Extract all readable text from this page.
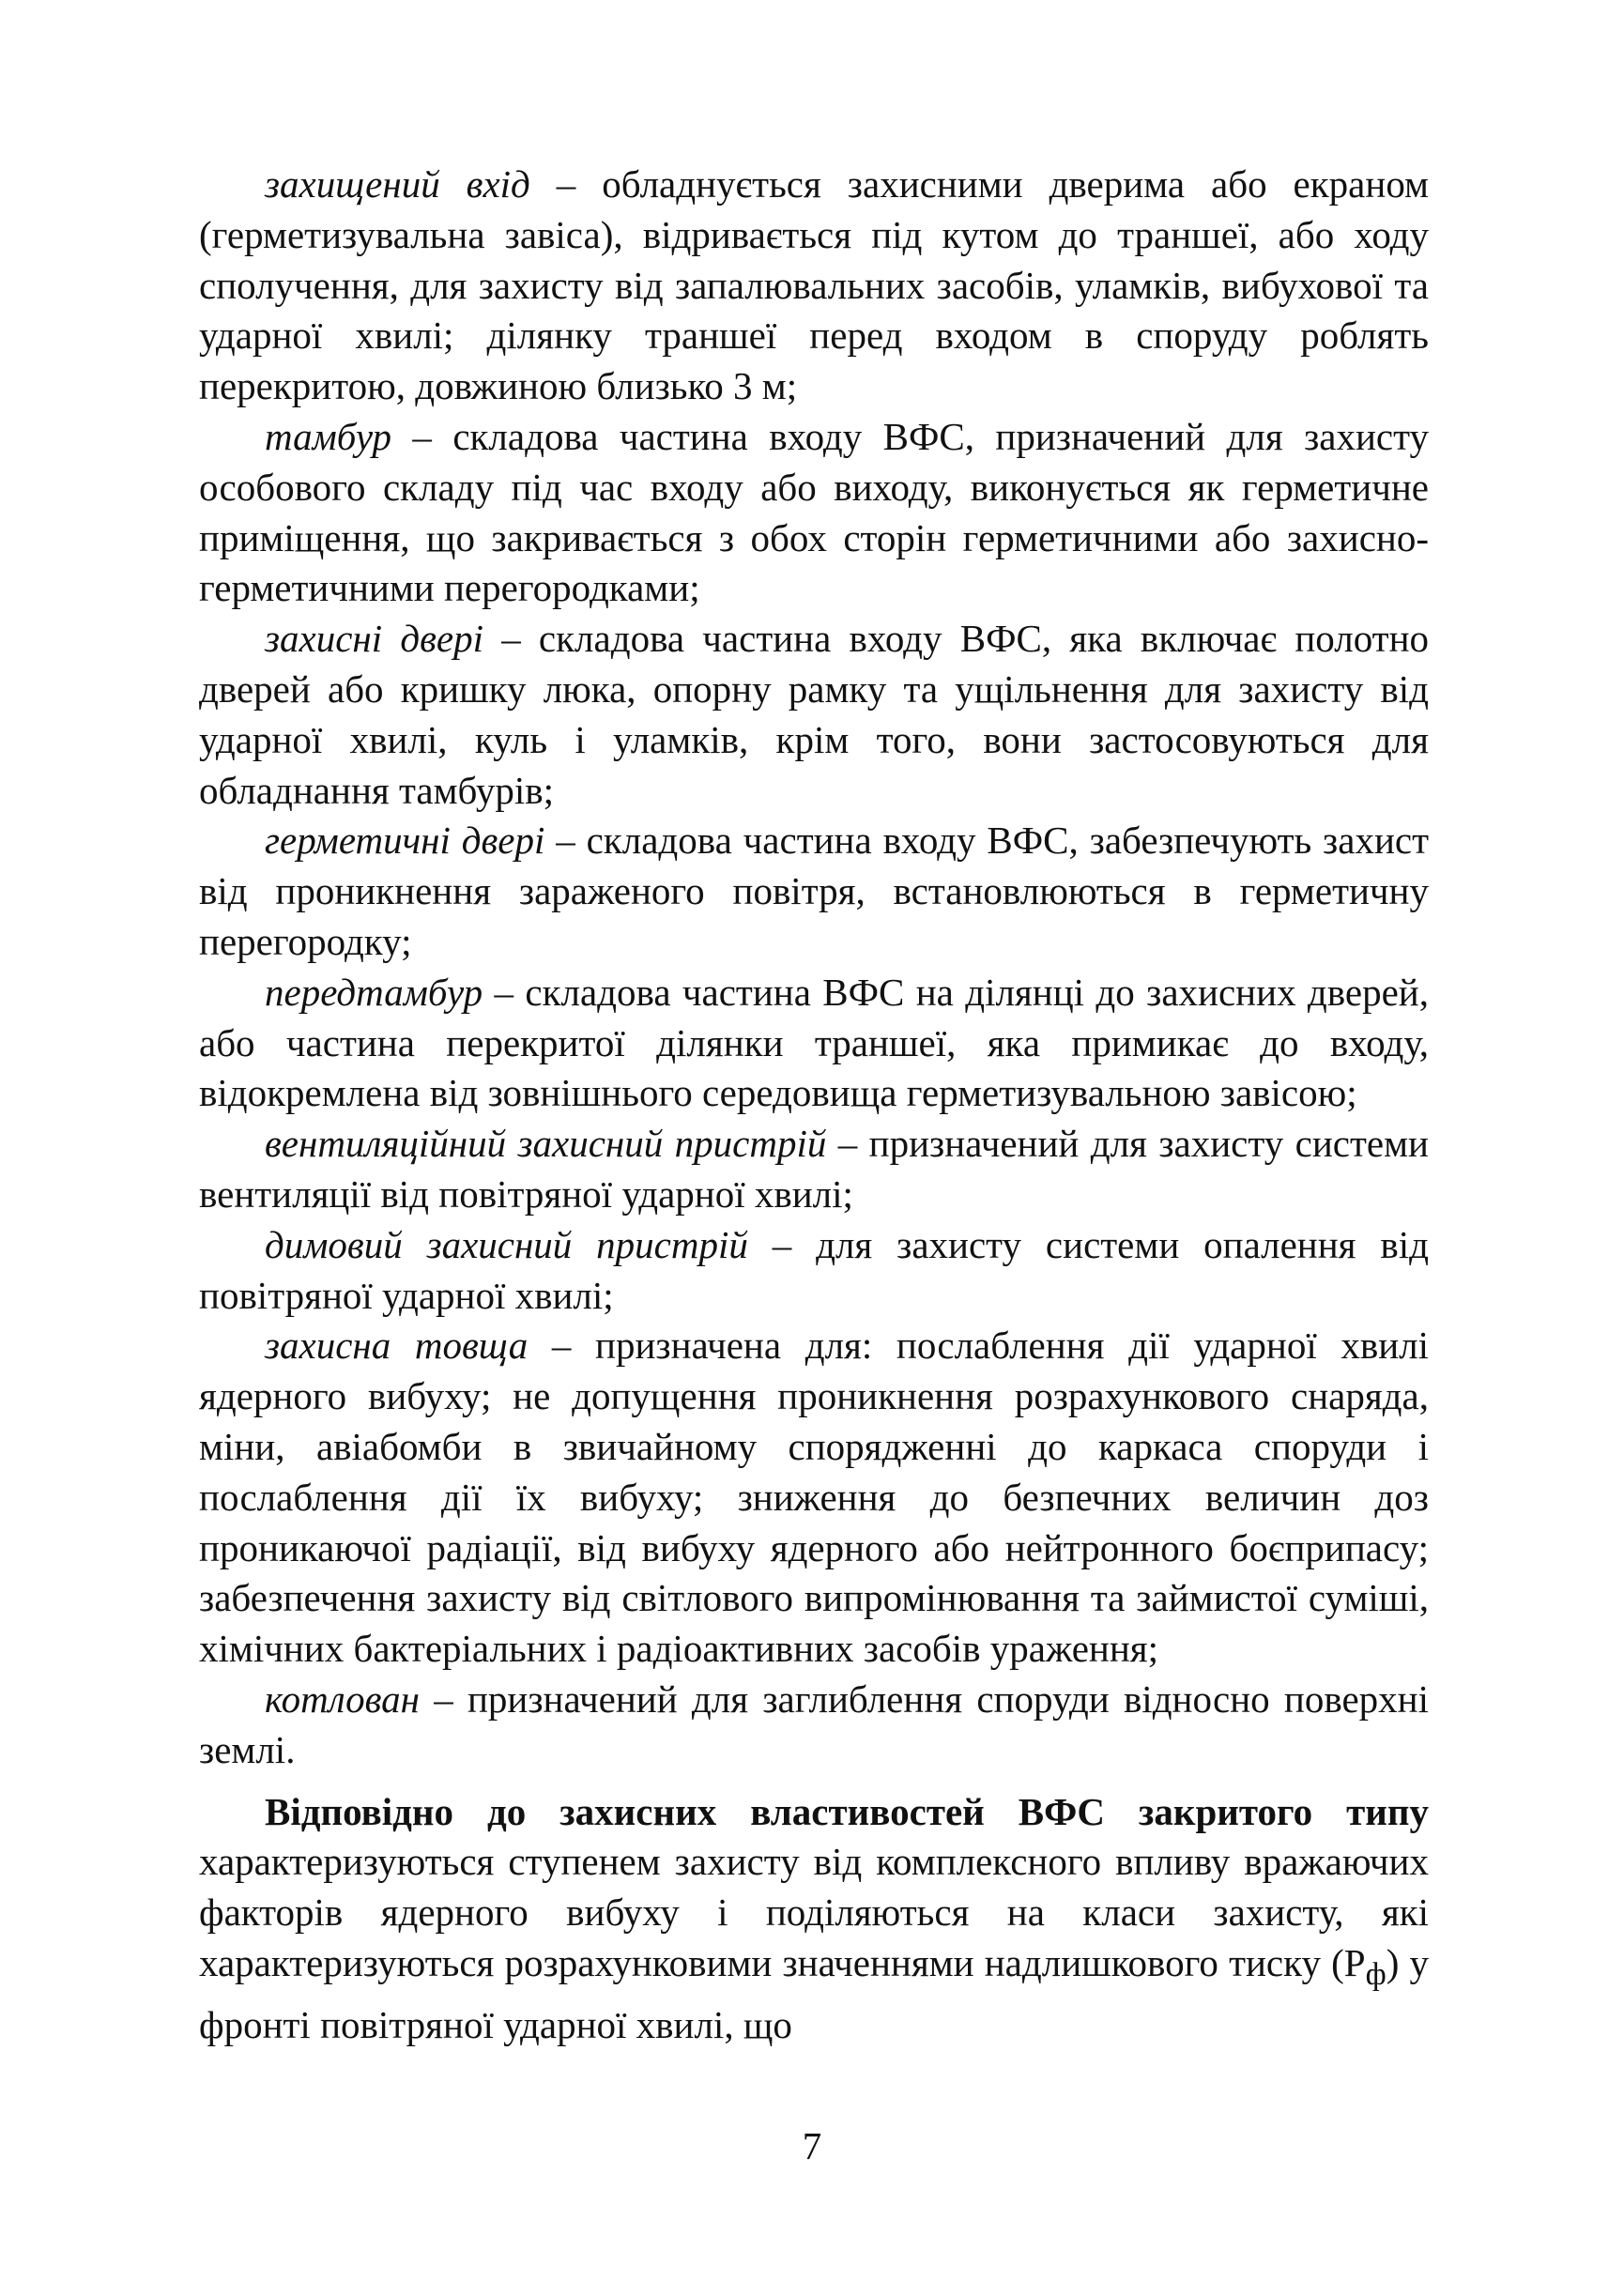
захищений вхід – обладнується захисними дверима або екраном (герметизувальна завіса), відривається під кутом до траншеї, або ходу сполучення, для захисту від запалювальних засобів, уламків, вибухової та ударної хвилі; ділянку траншеї перед входом в споруду роблять перекритою, довжиною близько 3 м;

тамбур – складова частина входу ВФС, призначений для захисту особового складу під час входу або виходу, виконується як герметичне приміщення, що закривається з обох сторін герметичними або захисно-герметичними перегородками;

захисні двері – складова частина входу ВФС, яка включає полотно дверей або кришку люка, опорну рамку та ущільнення для захисту від ударної хвилі, куль і уламків, крім того, вони застосовуються для обладнання тамбурів;

герметичні двері – складова частина входу ВФС, забезпечують захист від проникнення зараженого повітря, встановлюються в герметичну перегородку;

передтамбур – складова частина ВФС на ділянці до захисних дверей, або частина перекритої ділянки траншеї, яка примикає до входу, відокремлена від зовнішнього середовища герметизувальною завісою;

вентиляційний захисний пристрій – призначений для захисту системи вентиляції від повітряної ударної хвилі;

димовий захисний пристрій – для захисту системи опалення від повітряної ударної хвилі;

захисна товща – призначена для: послаблення дії ударної хвилі ядерного вибуху; не допущення проникнення розрахункового снаряда, міни, авіабомби в звичайному спорядженні до каркаса споруди і послаблення дії їх вибуху; зниження до безпечних величин доз проникаючої радіації, від вибуху ядерного або нейтронного боєприпасу; забезпечення захисту від світлового випромінювання та займистої суміші, хімічних бактеріальних і радіоактивних засобів ураження;

котлован – призначений для заглиблення споруди відносно поверхні землі.

Відповідно до захисних властивостей ВФС закритого типу характеризуються ступенем захисту від комплексного впливу вражаючих факторів ядерного вибуху і поділяються на класи захисту, які характеризуються розрахунковими значеннями надлишкового тиску $(Р_ф)$ у фронті повітряної ударної хвилі, що

7
